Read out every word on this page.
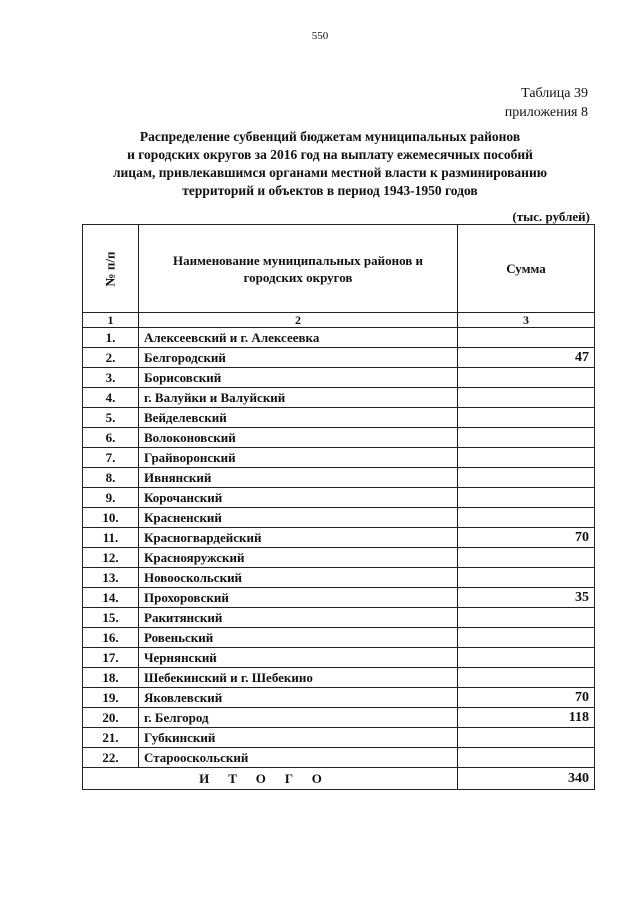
550
Таблица 39
приложения 8
Распределение субвенций бюджетам муниципальных районов
и городских округов за 2016 год на выплату ежемесячных пособий
лицам, привлекавшимся органами местной власти к разминированию
территорий и объектов в период 1943-1950 годов
(тыс. рублей)
№ п/п	Наименование муниципальных районов и городских округов	Сумма
1	2	3
1.	Алексеевский и г. Алексеевка	
2.	Белгородский	47
3.	Борисовский	
4.	г. Валуйки и Валуйский	
5.	Вейделевский	
6.	Волоконовский	
7.	Грайворонский	
8.	Ивнянский	
9.	Корочанский	
10.	Красненский	
11.	Красногвардейский	70
12.	Краснояружский	
13.	Новооскольский	
14.	Прохоровский	35
15.	Ракитянский	
16.	Ровеньский	
17.	Чернянский	
18.	Шебекинский и г. Шебекино	
19.	Яковлевский	70
20.	г. Белгород	118
21.	Губкинский	
22.	Старооскольский	
ИТОГО		340
